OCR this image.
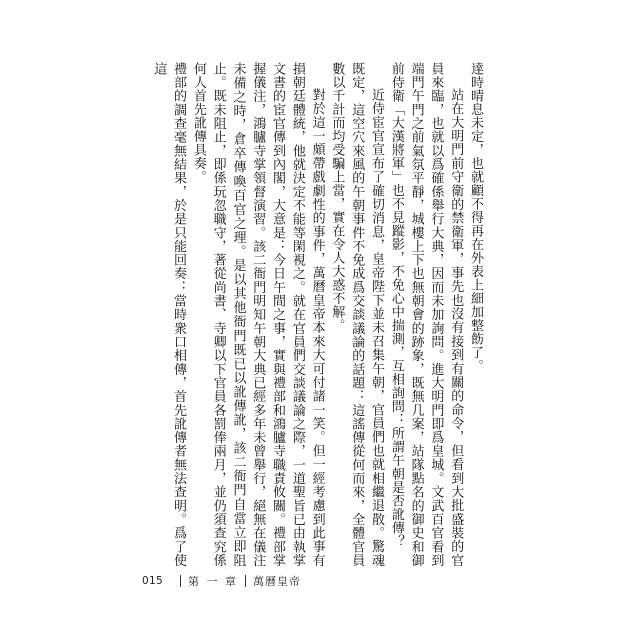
達時晴息未定，也就顧不得再在外表上細加整飭了。

站在大明門前守衛的禁衛軍，事先也沒有接到有關的命令，但看到大批盛裝的官員來臨，也就以爲確係舉行大典，因而未加詢問。進大明門即爲皇城。文武百官看到端門午門之前氣氛平靜，城樓上下也無朝會的跡象，既無几案，站隊點名的御史和御前侍衛「大漢將軍」也不見蹤影，不免心中揣測，互相詢問：所謂午朝是否訛傳？

近侍宦官宣布了確切消息，皇帝陛下並未召集午朝，官員們也就相繼退散。驚魂既定，這空穴來風的午朝事件不免成爲交談議論的話題：這謠傳從何而來，全體官員數以千計而均受騙上當，實在令人大惑不解。

對於這一頗帶戲劇性的事件，萬曆皇帝本來大可付諸一笑。但一經考慮到此事有損朝廷體統，他就決定不能等閑視之。就在官員們交談議論之際，一道聖旨已由執掌文書的宦官傳到內閣，大意是：今日午間之事，實與禮部和鴻臚寺職責攸關。禮部掌握儀注，鴻臚寺掌領督演習。該二衙門明知午朝大典已經多年未曾舉行，絕無在儀注未備之時，倉卒傳喚百官之理。是以其他衙門既已以訛傳訛，該二衙門自當立即阻止。既未阻止，即係玩忽職守，著從尚書、寺卿以下官員各罰俸兩月，並仍須查究係何人首先訛傳具奏。

禮部的調查毫無結果，於是只能回奏：當時衆口相傳，首先訛傳者無法查明。爲了使這

015 第 一 章 萬曆皇帝
